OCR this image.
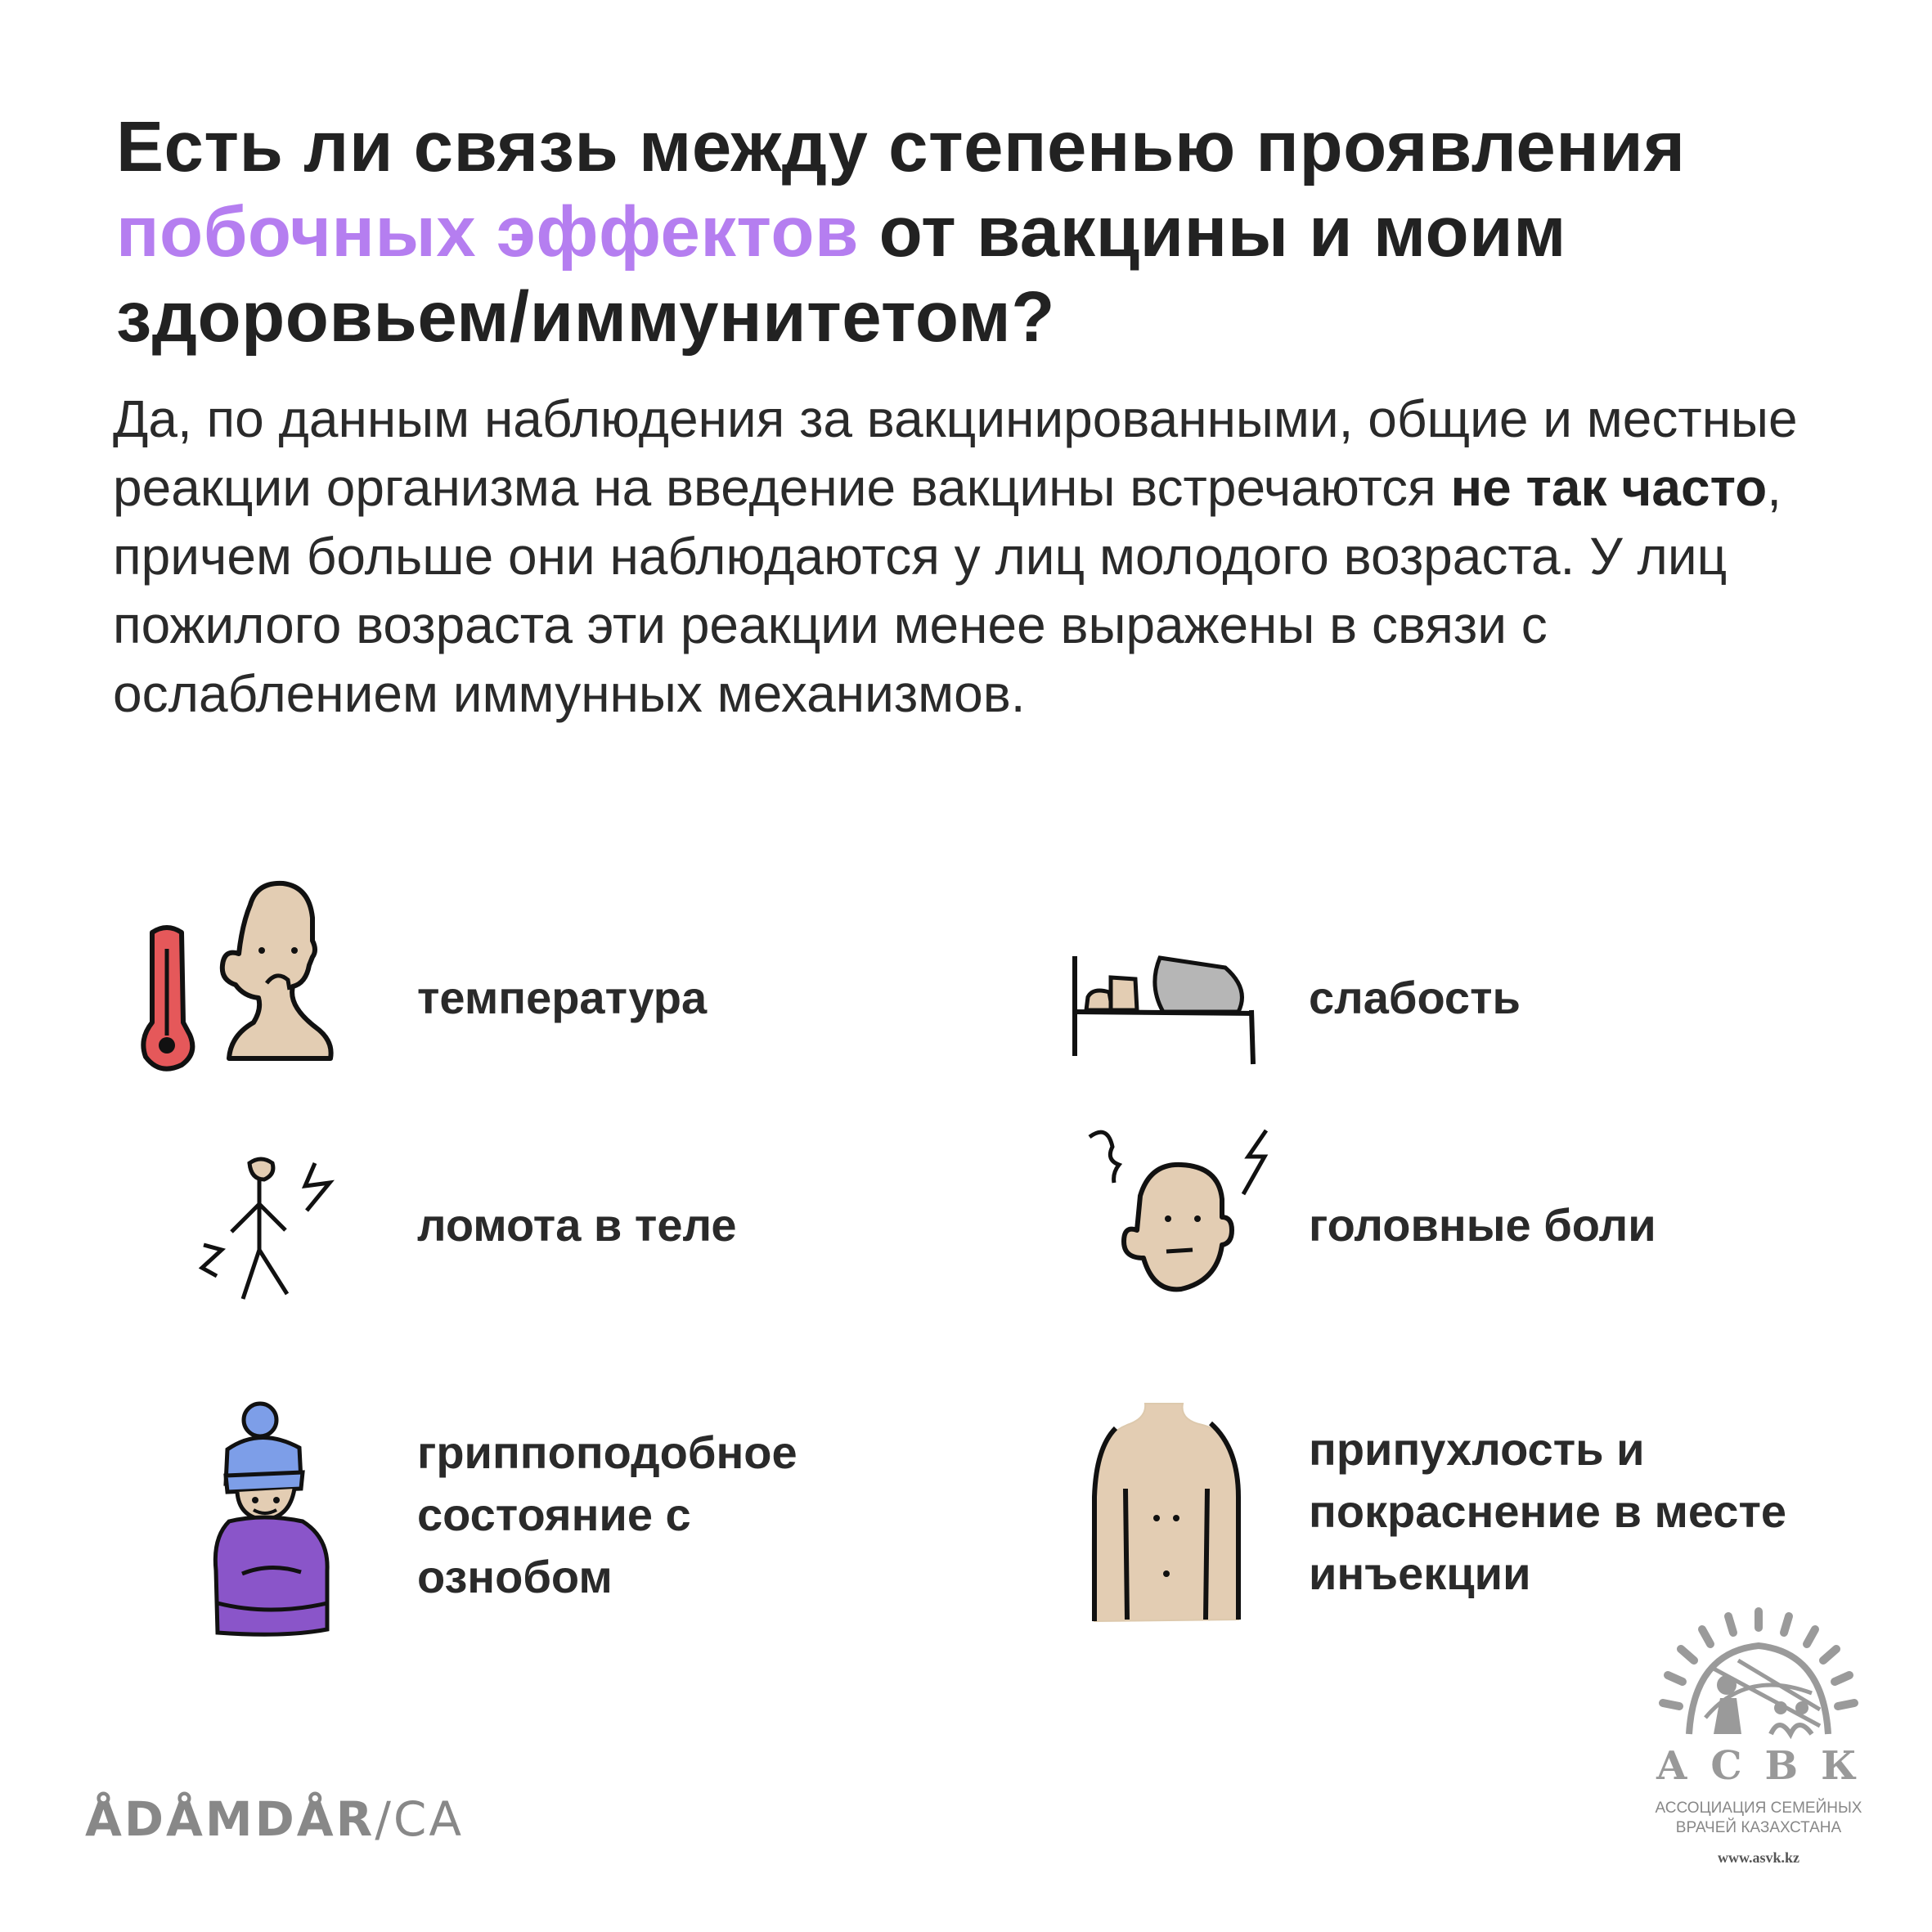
Есть ли связь между степенью проявления побочных эффектов от вакцины и моим здоровьем/иммунитетом?

Да, по данным наблюдения за вакцинированными, общие и местные реакции организма на введение вакцины встречаются не так часто, причем больше они наблюдаются у лиц молодого возраста. У лиц пожилого возраста эти реакции менее выражены в связи с ослаблением иммунных механизмов.

температура	слабость
ломота в теле	головные боли
гриппоподобное состояние с ознобом
припухлость и покраснение в месте инъекции
ÅDÅMDÅR/CA
АСВК
АССОЦИАЦИЯ СЕМЕЙНЫХ
ВРАЧЕЙ КАЗАХСТАНА
www.asvk.kz
